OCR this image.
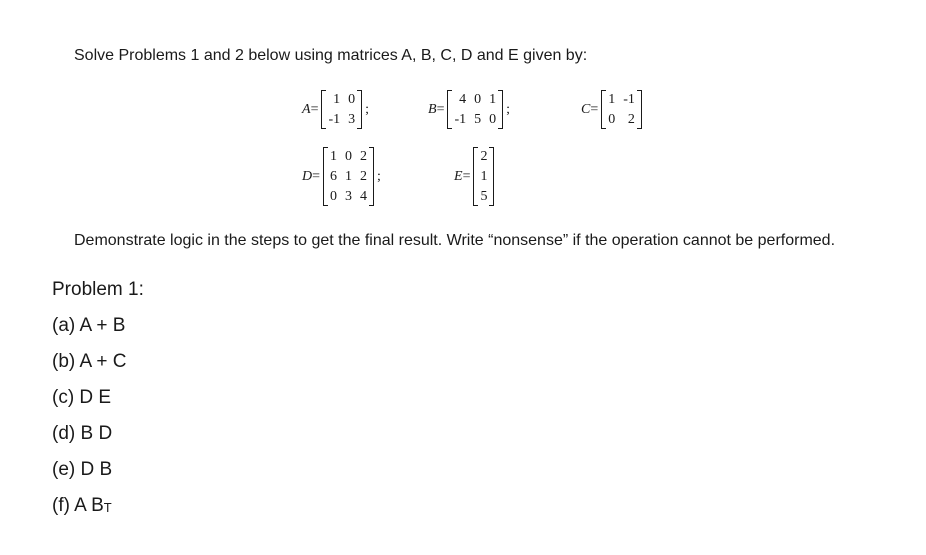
Solve Problems 1 and 2 below using matrices A, B, C, D and E given by:
A =
1 0
-1 3
;	B =
4 0 1
-1 5 0
;	C =
1 -1
0 2
D =
1 0 2
6 1 2
0 3 4
;	E =
2
1
5
Demonstrate logic in the steps to get the final result. Write “nonsense” if the operation cannot be performed.
Problem 1:
(a) A + B
(b) A + C
(c) D E
(d) B D
(e) D B
(f) A BT
